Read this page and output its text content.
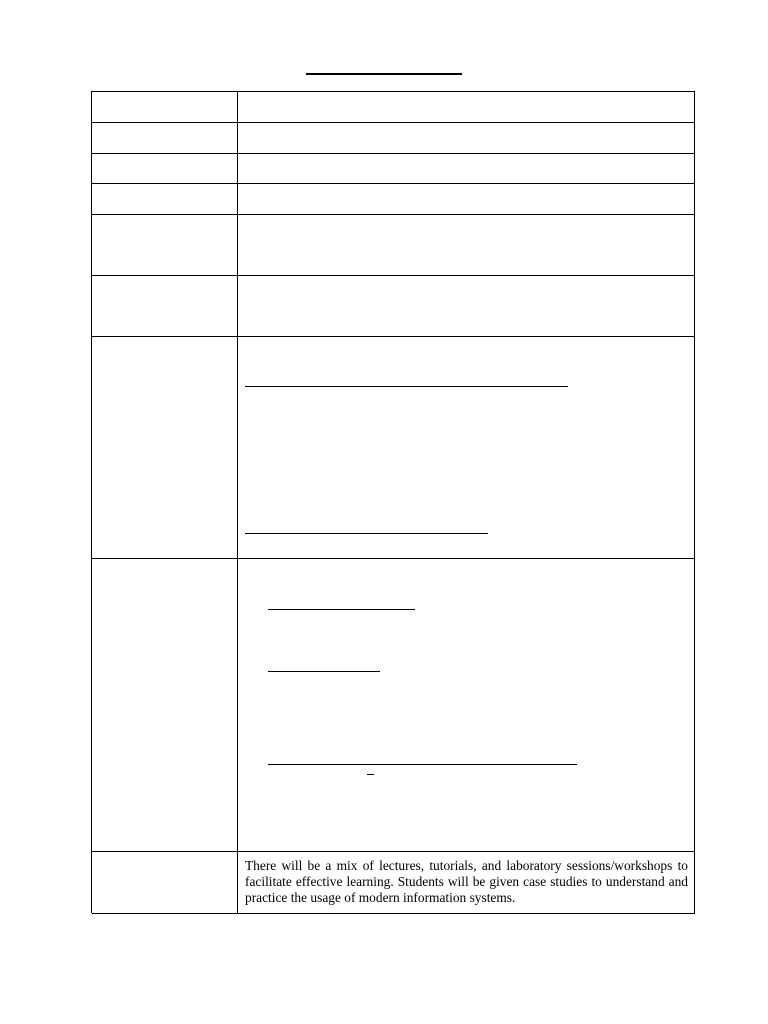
There will be a mix of lectures, tutorials, and laboratory sessions/workshops to facilitate effective learning. Students will be given case studies to understand and practice the usage of modern information systems.
